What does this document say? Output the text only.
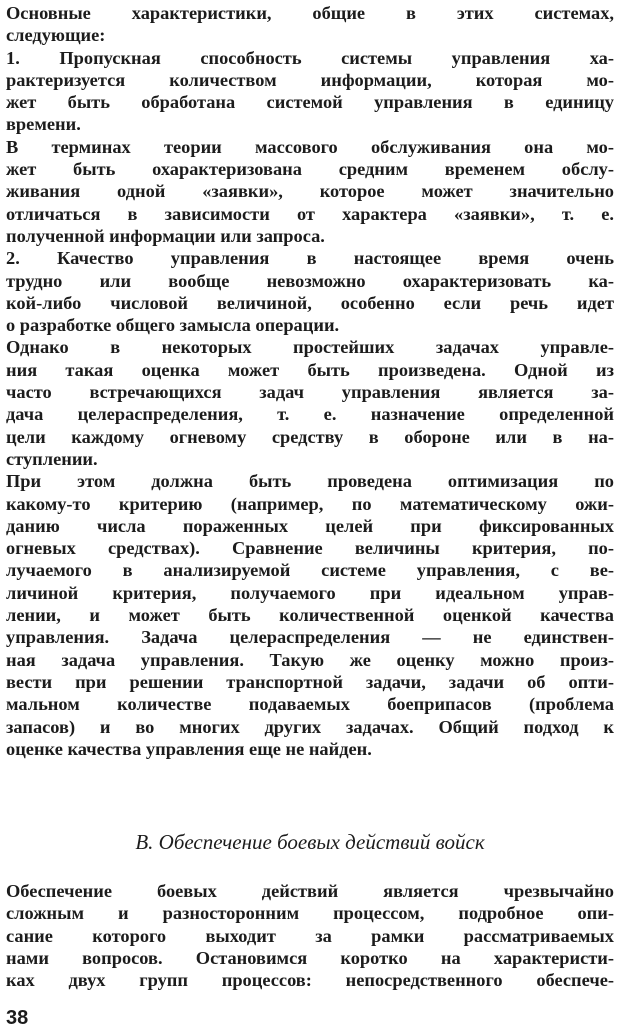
Основные характеристики, общие в этих системах,
следующие:
1. Пропускная способность системы управления ха-
рактеризуется количеством информации, которая мо-
жет быть обработана системой управления в единицу
времени.
В терминах теории массового обслуживания она мо-
жет быть охарактеризована средним временем обслу-
живания одной «заявки», которое может значительно
отличаться в зависимости от характера «заявки», т. е.
полученной информации или запроса.
2. Качество управления в настоящее время очень
трудно или вообще невозможно охарактеризовать ка-
кой-либо числовой величиной, особенно если речь идет
о разработке общего замысла операции.
Однако в некоторых простейших задачах управле-
ния такая оценка может быть произведена. Одной из
часто встречающихся задач управления является за-
дача целераспределения, т. е. назначение определенной
цели каждому огневому средству в обороне или в на-
ступлении.
При этом должна быть проведена оптимизация по
какому-то критерию (например, по математическому ожи-
данию числа пораженных целей при фиксированных
огневых средствах). Сравнение величины критерия, по-
лучаемого в анализируемой системе управления, с ве-
личиной критерия, получаемого при идеальном управ-
лении, и может быть количественной оценкой качества
управления. Задача целераспределения — не единствен-
ная задача управления. Такую же оценку можно произ-
вести при решении транспортной задачи, задачи об опти-
мальном количестве подаваемых боеприпасов (проблема
запасов) и во многих других задачах. Общий подход к
оценке качества управления еще не найден.
В. Обеспечение боевых действий войск
Обеспечение боевых действий является чрезвычайно
сложным и разносторонним процессом, подробное опи-
сание которого выходит за рамки рассматриваемых
нами вопросов. Остановимся коротко на характеристи-
ках двух групп процессов: непосредственного обеспече-
38
